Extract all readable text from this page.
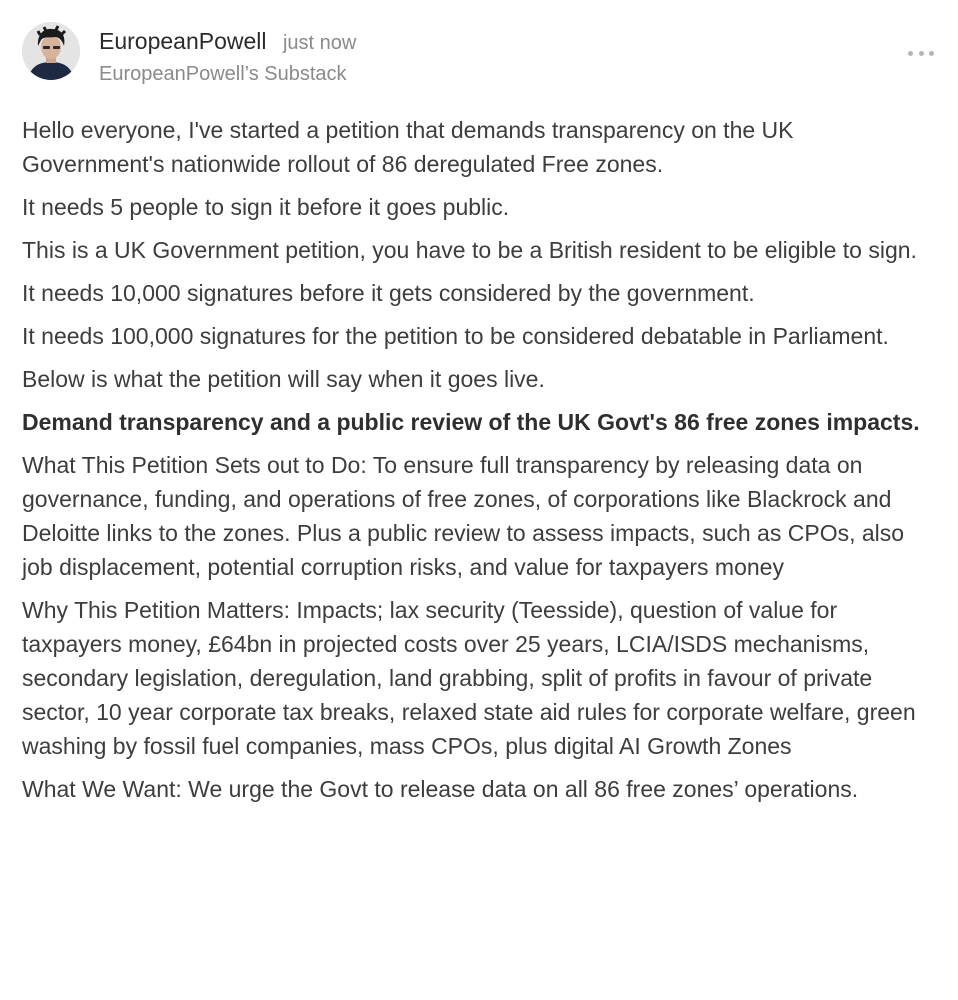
EuropeanPowell just now
EuropeanPowell’s Substack

Hello everyone, I've started a petition that demands transparency on the UK Government's nationwide rollout of 86 deregulated Free zones.

It needs 5 people to sign it before it goes public.

This is a UK Government petition, you have to be a British resident to be eligible to sign.

It needs 10,000 signatures before it gets considered by the government.

It needs 100,000 signatures for the petition to be considered debatable in Parliament.

Below is what the petition will say when it goes live.

Demand transparency and a public review of the UK Govt's 86 free zones impacts.

What This Petition Sets out to Do: To ensure full transparency by releasing data on governance, funding, and operations of free zones, of corporations like Blackrock and Deloitte links to the zones. Plus a public review to assess impacts, such as CPOs, also job displacement, potential corruption risks, and value for taxpayers money

Why This Petition Matters: Impacts; lax security (Teesside), question of value for taxpayers money, £64bn in projected costs over 25 years, LCIA/ISDS mechanisms, secondary legislation, deregulation, land grabbing, split of profits in favour of private sector, 10 year corporate tax breaks, relaxed state aid rules for corporate welfare, green washing by fossil fuel companies, mass CPOs, plus digital AI Growth Zones

What We Want: We urge the Govt to release data on all 86 free zones’ operations.
